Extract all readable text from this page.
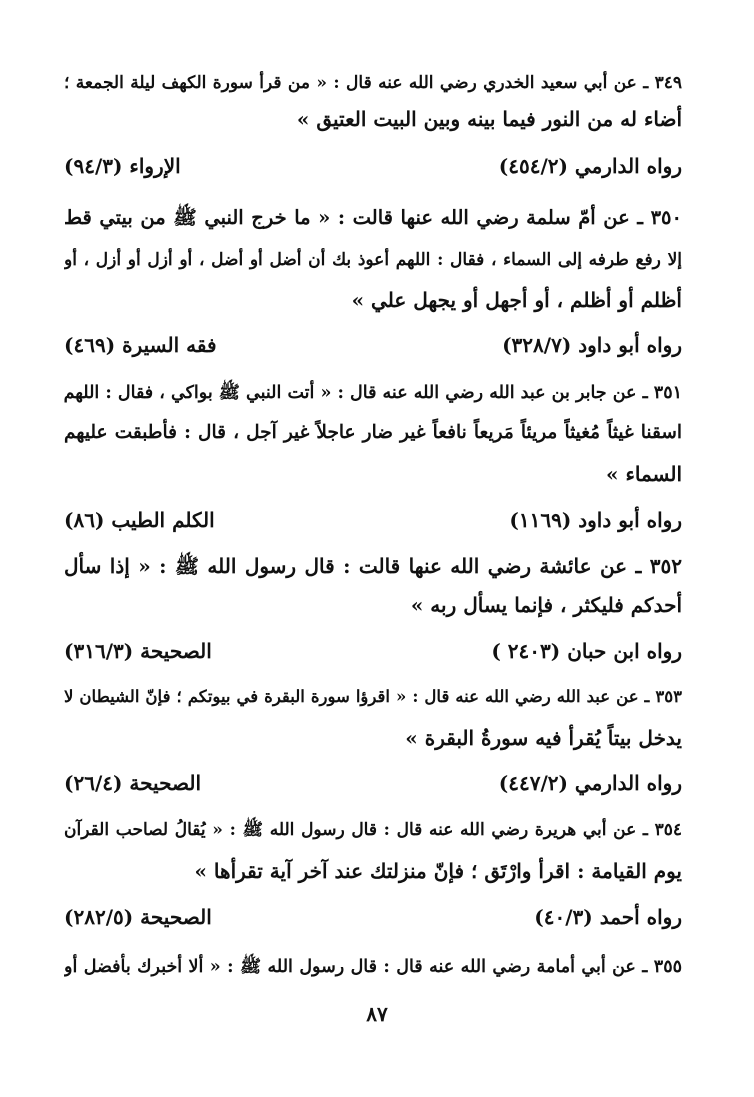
٣٤٩ ـ عن أبي سعيد الخدري رضي الله عنه قال : « من قرأ سورة الكهف ليلة الجمعة ؛
أضاء له من النور فيما بينه وبين البيت العتيق »
رواه الدارمي (٤٥٤/٢)
الإرواء (٩٤/٣)
٣٥٠ ـ عن أمّ سلمة رضي الله عنها قالت : « ما خرج النبي ﷺ من بيتي قط
إلا رفع طرفه إلى السماء ، فقال : اللهم أعوذ بك أن أضل أو أضل ، أو أزل أو أزل ، أو
أظلم أو أظلم ، أو أجهل أو يجهل علي »
رواه أبو داود (٣٢٨/٧)
فقه السيرة (٤٦٩)
٣٥١ ـ عن جابر بن عبد الله رضي الله عنه قال : « أتت النبي ﷺ بواكي ، فقال : اللهم
اسقنا غيثاً مُغيثاً مريئاً مَريعاً نافعاً غير ضار عاجلاً غير آجل ، قال : فأطبقت عليهم
السماء »
رواه أبو داود (١١٦٩)
الكلم الطيب (٨٦)
٣٥٢ ـ عن عائشة رضي الله عنها قالت : قال رسول الله ﷺ : « إذا سأل
أحدكم فليكثر ، فإنما يسأل ربه »
رواه ابن حبان (٢٤٠٣ )
الصحيحة (٣١٦/٣)
٣٥٣ ـ عن عبد الله رضي الله عنه قال : « اقرؤا سورة البقرة في بيوتكم ؛ فإنّ الشيطان لا
يدخل بيتاً يُقرأ فيه سورةُ البقرة »
رواه الدارمي (٤٤٧/٢)
الصحيحة (٢٦/٤)
٣٥٤ ـ عن أبي هريرة رضي الله عنه قال : قال رسول الله ﷺ : « يُقالُ لصاحب القرآن
يوم القيامة : اقرأ وارْتَق ؛ فإنّ منزلتك عند آخر آية تقرأها »
رواه أحمد (٤٠/٣)
الصحيحة (٢٨٢/٥)
٣٥٥ ـ عن أبي أمامة رضي الله عنه قال : قال رسول الله ﷺ : « ألا أخبرك بأفضل أو
٨٧
